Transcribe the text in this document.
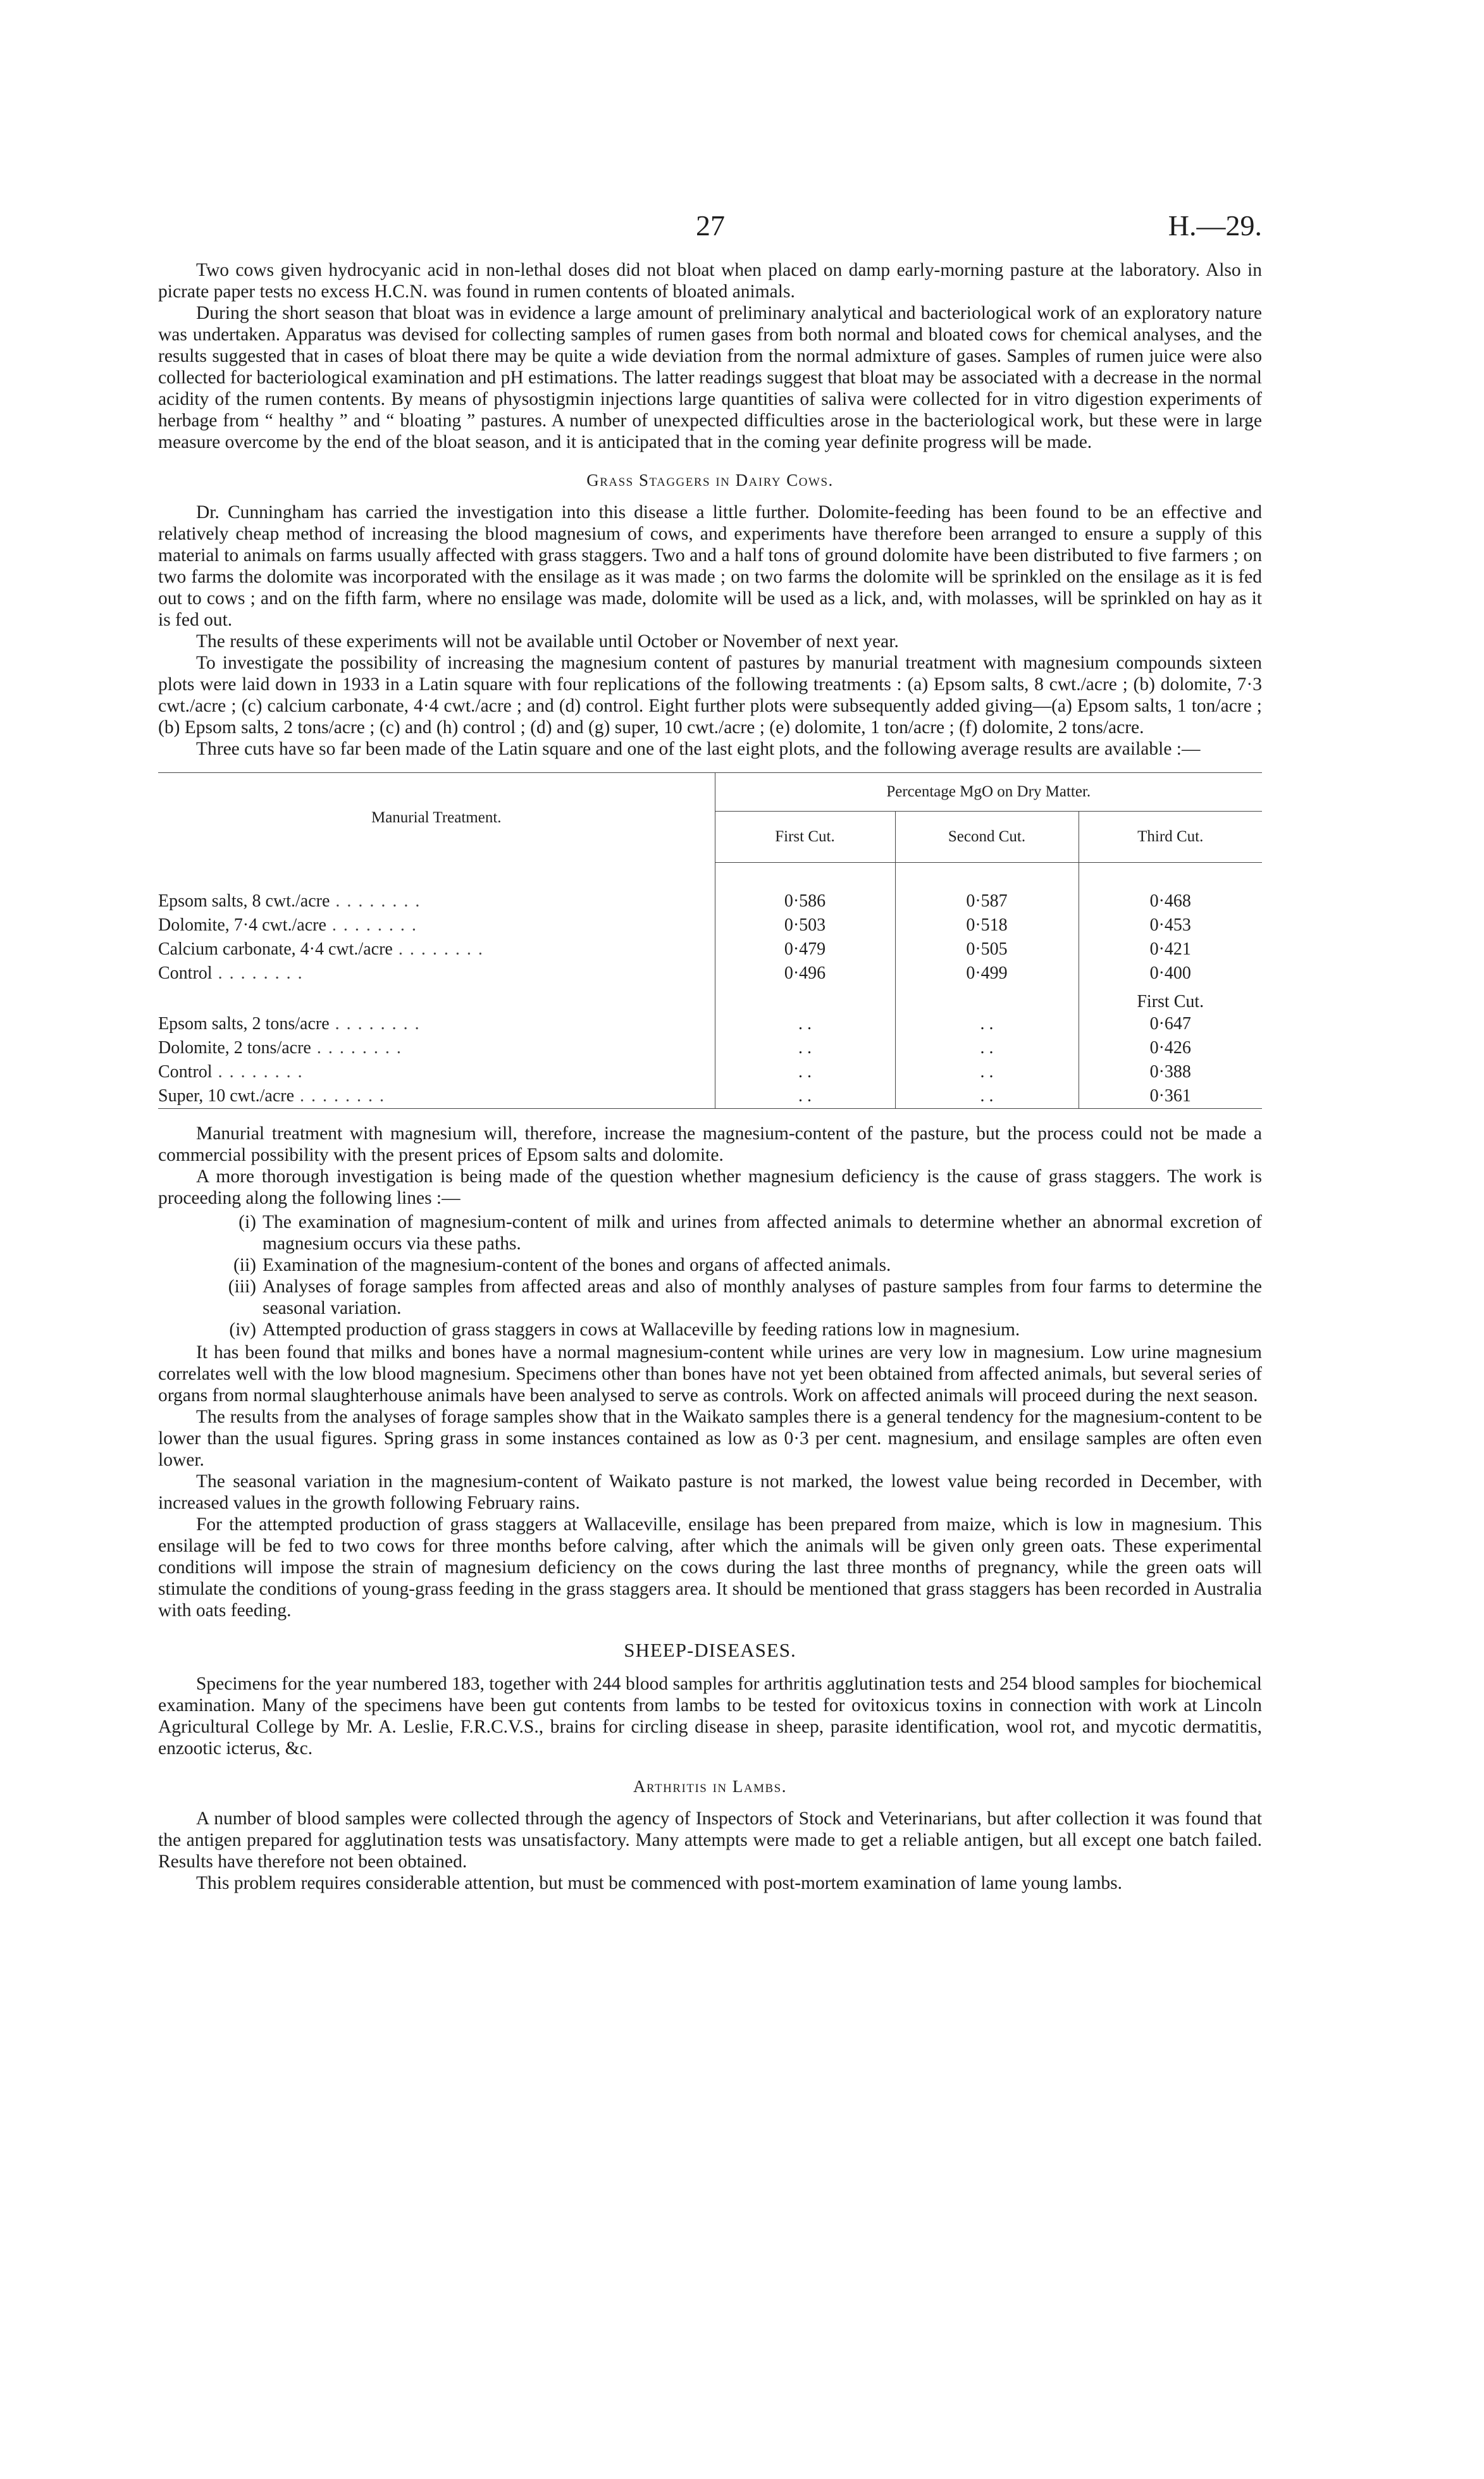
27	H.—29.

Two cows given hydrocyanic acid in non-lethal doses did not bloat when placed on damp early-morning pasture at the laboratory. Also in picrate paper tests no excess H.C.N. was found in rumen contents of bloated animals.

During the short season that bloat was in evidence a large amount of preliminary analytical and bacteriological work of an exploratory nature was undertaken. Apparatus was devised for collecting samples of rumen gases from both normal and bloated cows for chemical analyses, and the results suggested that in cases of bloat there may be quite a wide deviation from the normal admixture of gases. Samples of rumen juice were also collected for bacteriological examination and pH estimations. The latter readings suggest that bloat may be associated with a decrease in the normal acidity of the rumen contents. By means of physostigmin injections large quantities of saliva were collected for in vitro digestion experiments of herbage from “ healthy ” and “ bloating ” pastures. A number of unexpected difficulties arose in the bacteriological work, but these were in large measure overcome by the end of the bloat season, and it is anticipated that in the coming year definite progress will be made.

Grass Staggers in Dairy Cows.

Dr. Cunningham has carried the investigation into this disease a little further. Dolomite-feeding has been found to be an effective and relatively cheap method of increasing the blood magnesium of cows, and experiments have therefore been arranged to ensure a supply of this material to animals on farms usually affected with grass staggers. Two and a half tons of ground dolomite have been distributed to five farmers ; on two farms the dolomite was incorporated with the ensilage as it was made ; on two farms the dolomite will be sprinkled on the ensilage as it is fed out to cows ; and on the fifth farm, where no ensilage was made, dolomite will be used as a lick, and, with molasses, will be sprinkled on hay as it is fed out.

The results of these experiments will not be available until October or November of next year.

To investigate the possibility of increasing the magnesium content of pastures by manurial treatment with magnesium compounds sixteen plots were laid down in 1933 in a Latin square with four replications of the following treatments : (a) Epsom salts, 8 cwt./acre ; (b) dolomite, 7·3 cwt./acre ; (c) calcium carbonate, 4·4 cwt./acre ; and (d) control. Eight further plots were subsequently added giving—(a) Epsom salts, 1 ton/acre ; (b) Epsom salts, 2 tons/acre ; (c) and (h) control ; (d) and (g) super, 10 cwt./acre ; (e) dolomite, 1 ton/acre ; (f) dolomite, 2 tons/acre.

Three cuts have so far been made of the Latin square and one of the last eight plots, and the following average results are available :—

Manurial Treatment.	Percentage MgO on Dry Matter.		
	First Cut.	Second Cut.	Third Cut.

Epsom salts, 8 cwt./acre . . . . . . . .	0·586	0·587	0·468
Dolomite, 7·4 cwt./acre . . . . . . . .	0·503	0·518	0·453
Calcium carbonate, 4·4 cwt./acre . . . . . . . .	0·479	0·505	0·421
Control . . . . . . . .	0·496	0·499	0·400
			First Cut.
Epsom salts, 2 tons/acre . . . . . . . .	. .	. .	0·647
Dolomite, 2 tons/acre . . . . . . . .	. .	. .	0·426
Control . . . . . . . .	. .	. .	0·388
Super, 10 cwt./acre . . . . . . . .	. .	. .	0·361

Manurial treatment with magnesium will, therefore, increase the magnesium-content of the pasture, but the process could not be made a commercial possibility with the present prices of Epsom salts and dolomite.

A more thorough investigation is being made of the question whether magnesium deficiency is the cause of grass staggers. The work is proceeding along the following lines :—

(i) The examination of magnesium-content of milk and urines from affected animals to determine whether an abnormal excretion of magnesium occurs via these paths.
(ii) Examination of the magnesium-content of the bones and organs of affected animals.
(iii) Analyses of forage samples from affected areas and also of monthly analyses of pasture samples from four farms to determine the seasonal variation.
(iv) Attempted production of grass staggers in cows at Wallaceville by feeding rations low in magnesium.

It has been found that milks and bones have a normal magnesium-content while urines are very low in magnesium. Low urine magnesium correlates well with the low blood magnesium. Specimens other than bones have not yet been obtained from affected animals, but several series of organs from normal slaughterhouse animals have been analysed to serve as controls. Work on affected animals will proceed during the next season.

The results from the analyses of forage samples show that in the Waikato samples there is a general tendency for the magnesium-content to be lower than the usual figures. Spring grass in some instances contained as low as 0·3 per cent. magnesium, and ensilage samples are often even lower.

The seasonal variation in the magnesium-content of Waikato pasture is not marked, the lowest value being recorded in December, with increased values in the growth following February rains.

For the attempted production of grass staggers at Wallaceville, ensilage has been prepared from maize, which is low in magnesium. This ensilage will be fed to two cows for three months before calving, after which the animals will be given only green oats. These experimental conditions will impose the strain of magnesium deficiency on the cows during the last three months of pregnancy, while the green oats will stimulate the conditions of young-grass feeding in the grass staggers area. It should be mentioned that grass staggers has been recorded in Australia with oats feeding.

SHEEP-DISEASES.

Specimens for the year numbered 183, together with 244 blood samples for arthritis agglutination tests and 254 blood samples for biochemical examination. Many of the specimens have been gut contents from lambs to be tested for ovitoxicus toxins in connection with work at Lincoln Agricultural College by Mr. A. Leslie, F.R.C.V.S., brains for circling disease in sheep, parasite identification, wool rot, and mycotic dermatitis, enzootic icterus, &c.

Arthritis in Lambs.

A number of blood samples were collected through the agency of Inspectors of Stock and Veterinarians, but after collection it was found that the antigen prepared for agglutination tests was unsatisfactory. Many attempts were made to get a reliable antigen, but all except one batch failed. Results have therefore not been obtained.

This problem requires considerable attention, but must be commenced with post-mortem examination of lame young lambs.
